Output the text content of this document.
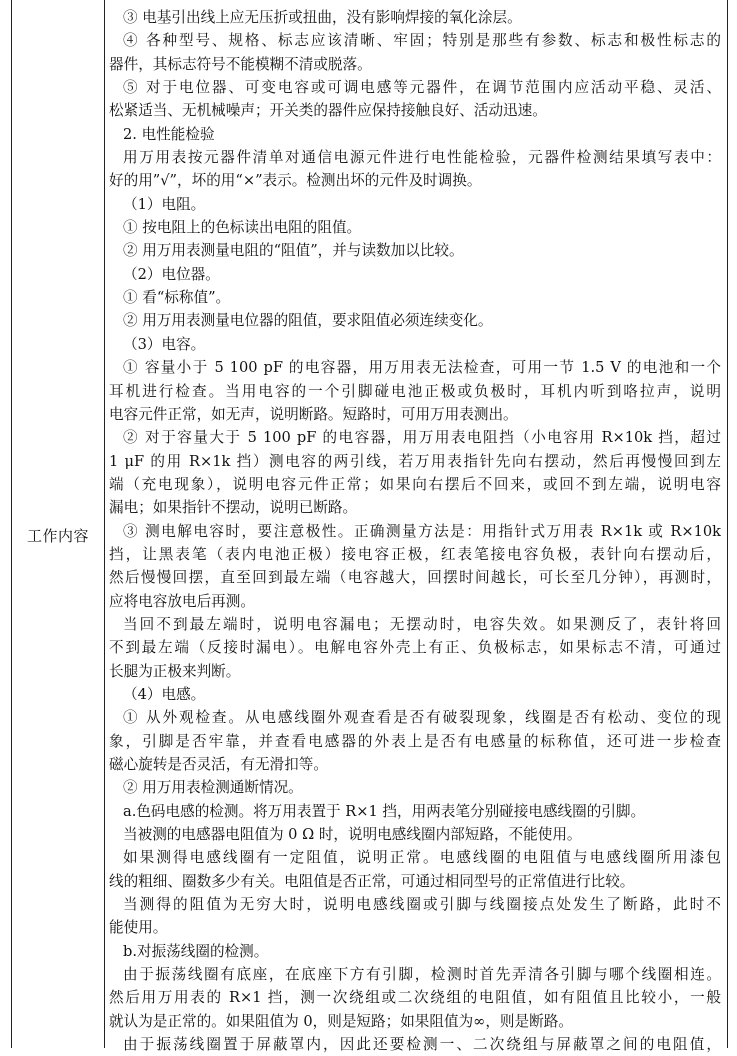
工作内容
③ 电基引出线上应无压折或扭曲，没有影响焊接的氧化涂层。
④ 各种型号、规格、标志应该清晰、牢固；特别是那些有参数、标志和极性标志的
器件，其标志符号不能模糊不清或脱落。
⑤ 对于电位器、可变电容或可调电感等元器件，在调节范围内应活动平稳、灵活、
松紧适当、无机械噪声；开关类的器件应保持接触良好、活动迅速。
2. 电性能检验
用万用表按元器件清单对通信电源元件进行电性能检验，元器件检测结果填写表中：
好的用”√”，坏的用“×”表示。检测出坏的元件及时调换。
（1）电阻。
① 按电阻上的色标读出电阻的阻值。
② 用万用表测量电阻的“阻值”，并与读数加以比较。
（2）电位器。
① 看“标称值”。
② 用万用表测量电位器的阻值，要求阻值必须连续变化。
（3）电容。
① 容量小于 5 100 pF 的电容器，用万用表无法检查，可用一节 1.5 V 的电池和一个
耳机进行检查。当用电容的一个引脚碰电池正极或负极时，耳机内听到咯拉声，说明
电容元件正常，如无声，说明断路。短路时，可用万用表测出。
② 对于容量大于 5 100 pF 的电容器，用万用表电阻挡（小电容用 R×10k 挡，超过
1 μF 的用 R×1k 挡）测电容的两引线，若万用表指针先向右摆动，然后再慢慢回到左
端（充电现象），说明电容元件正常；如果向右摆后不回来，或回不到左端，说明电容
漏电；如果指针不摆动，说明已断路。
③ 测电解电容时，要注意极性。正确测量方法是：用指针式万用表 R×1k 或 R×10k
挡，让黑表笔（表内电池正极）接电容正极，红表笔接电容负极，表针向右摆动后，
然后慢慢回摆，直至回到最左端（电容越大，回摆时间越长，可长至几分钟），再测时，
应将电容放电后再测。
当回不到最左端时，说明电容漏电；无摆动时，电容失效。如果测反了，表针将回
不到最左端（反接时漏电）。电解电容外壳上有正、负极标志，如果标志不清，可通过
长腿为正极来判断。
（4）电感。
① 从外观检查。从电感线圈外观查看是否有破裂现象，线圈是否有松动、变位的现
象，引脚是否牢靠，并查看电感器的外表上是否有电感量的标称值，还可进一步检查
磁心旋转是否灵活，有无滑扣等。
② 用万用表检测通断情况。
a.色码电感的检测。将万用表置于 R×1 挡，用两表笔分别碰接电感线圈的引脚。
当被测的电感器电阻值为 0 Ω 时，说明电感线圈内部短路，不能使用。
如果测得电感线圈有一定阻值，说明正常。电感线圈的电阻值与电感线圈所用漆包
线的粗细、圈数多少有关。电阻值是否正常，可通过相同型号的正常值进行比较。
当测得的阻值为无穷大时，说明电感线圈或引脚与线圈接点处发生了断路，此时不
能使用。
b.对振荡线圈的检测。
由于振荡线圈有底座，在底座下方有引脚，检测时首先弄清各引脚与哪个线圈相连。
然后用万用表的 R×1 挡，测一次绕组或二次绕组的电阻值，如有阻值且比较小，一般
就认为是正常的。如果阻值为 0，则是短路；如果阻值为∞，则是断路。
由于振荡线圈置于屏蔽罩内，因此还要检测一、二次绕组与屏蔽罩之间的电阻值，
